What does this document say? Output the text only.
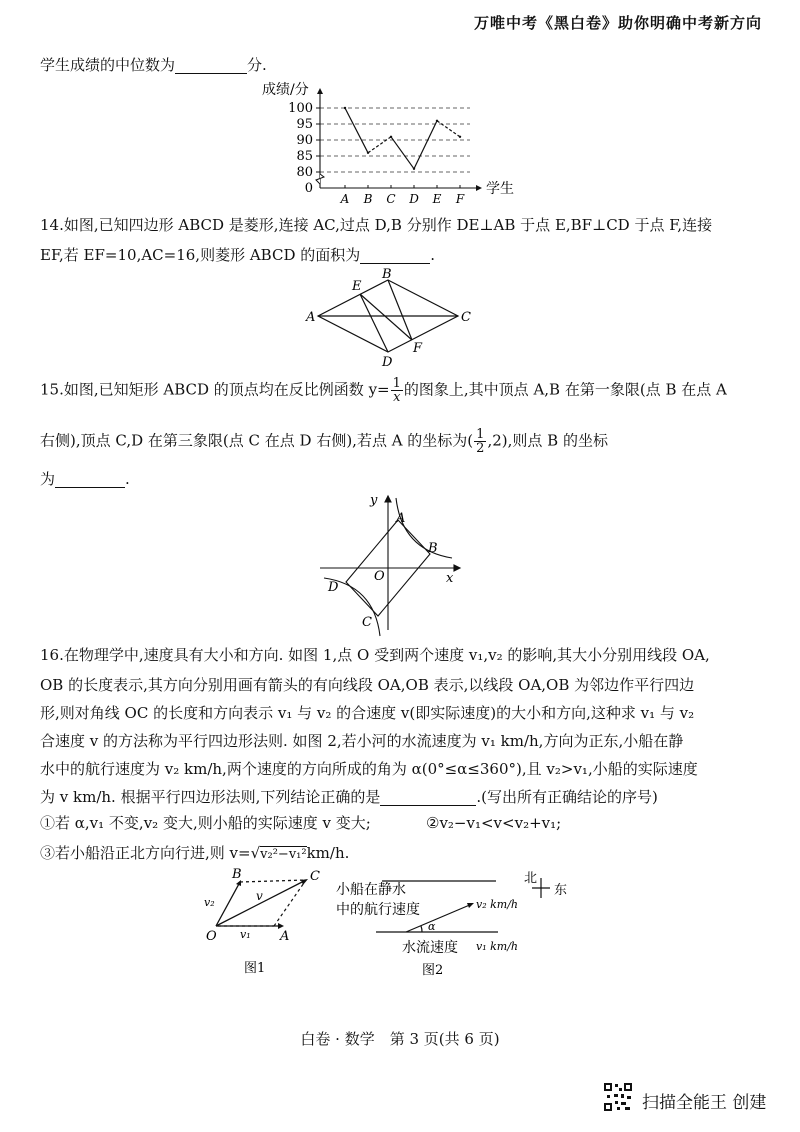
万唯中考《黑白卷》助你明确中考新方向
学生成绩的中位数为	分.
80
85
90
95
100
0
成绩/分
学生
A B C D E F
14.如图,已知四边形 ABCD 是菱形,连接 AC,过点 D,B 分别作 DE⊥AB 于点 E,BF⊥CD 于点 F,连接
EF,若 EF=10,AC=16,则菱形 ABCD 的面积为	.
A
B
C
D
E
F
15.如图,已知矩形 ABCD 的顶点均在反比例函数 $y= \frac{1}{x}$ 的图象上,其中顶点 A,B 在第一象限(点 B 在点 A
右侧),顶点 C,D 在第三象限(点 C 在点 D 右侧),若点 A 的坐标为( $\frac{1}{2} ,2$),则点 B 的坐标
为	.
y
x
O
A
B
C
D
16.在物理学中,速度具有大小和方向. 如图 1,点 O 受到两个速度 v₁,v₂ 的影响,其大小分别用线段 OA,
OB 的长度表示,其方向分别用画有箭头的有向线段 OA,OB 表示,以线段 OA,OB 为邻边作平行四边
形,则对角线 OC 的长度和方向表示 v₁ 与 v₂ 的合速度 v(即实际速度)的大小和方向,这种求 v₁ 与 v₂
合速度 v 的方法称为平行四边形法则. 如图 2,若小河的水流速度为 v₁ km/h,方向为正东,小船在静
水中的航行速度为 v₂ km/h,两个速度的方向所成的角为 α(0°≤α≤360°),且 v₂>v₁,小船的实际速度
为 v km/h. 根据平行四边形法则,下列结论正确的是	.(写出所有正确结论的序号)
①若 α,v₁ 不变,v₂ 变大,则小船的实际速度 v 变大;	②v₂−v₁<v<v₂+v₁;
③若小船沿正北方向行进,则 v=√v₂²−v₁²km/h.
B	C
O	A
v
v₁
v₂
图1
小船在静水
中的航行速度	v₂ km/h
α
水流速度 v₁ km/h
北
东
图2
白卷 · 数学　第 3 页(共 6 页)
扫描全能王 创建
